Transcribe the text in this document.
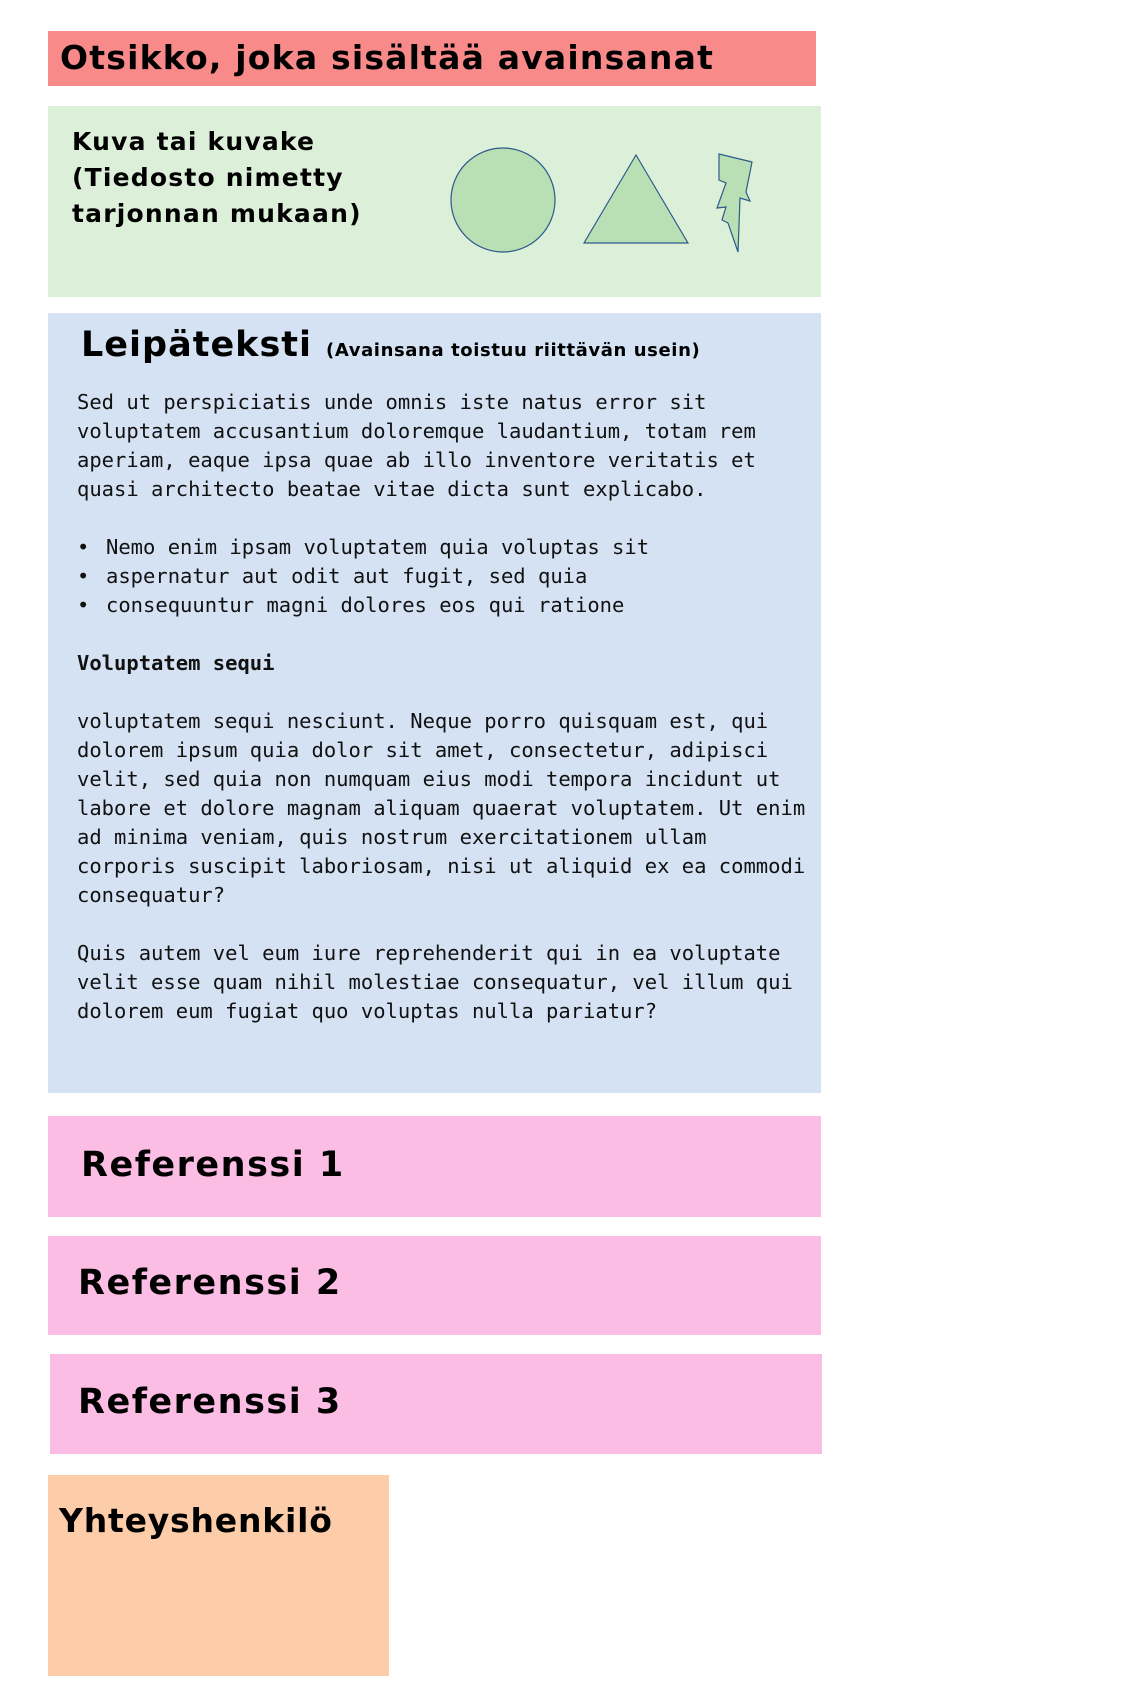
Otsikko, joka sisältää avainsanat
Kuva tai kuvake (Tiedosto nimetty tarjonnan mukaan)
Leipäteksti (Avainsana toistuu riittävän usein)

Sed ut perspiciatis unde omnis iste natus error sit voluptatem accusantium doloremque laudantium, totam rem aperiam, eaque ipsa quae ab illo inventore veritatis et quasi architecto beatae vitae dicta sunt explicabo.

• Nemo enim ipsam voluptatem quia voluptas sit
• aspernatur aut odit aut fugit, sed quia
• consequuntur magni dolores eos qui ratione

Voluptatem sequi

voluptatem sequi nesciunt. Neque porro quisquam est, qui dolorem ipsum quia dolor sit amet, consectetur, adipisci velit, sed quia non numquam eius modi tempora incidunt ut labore et dolore magnam aliquam quaerat voluptatem. Ut enim ad minima veniam, quis nostrum exercitationem ullam corporis suscipit laboriosam, nisi ut aliquid ex ea commodi consequatur?

Quis autem vel eum iure reprehenderit qui in ea voluptate velit esse quam nihil molestiae consequatur, vel illum qui dolorem eum fugiat quo voluptas nulla pariatur?

Referenssi 1
Referenssi 2
Referenssi 3
Yhteyshenkilö
